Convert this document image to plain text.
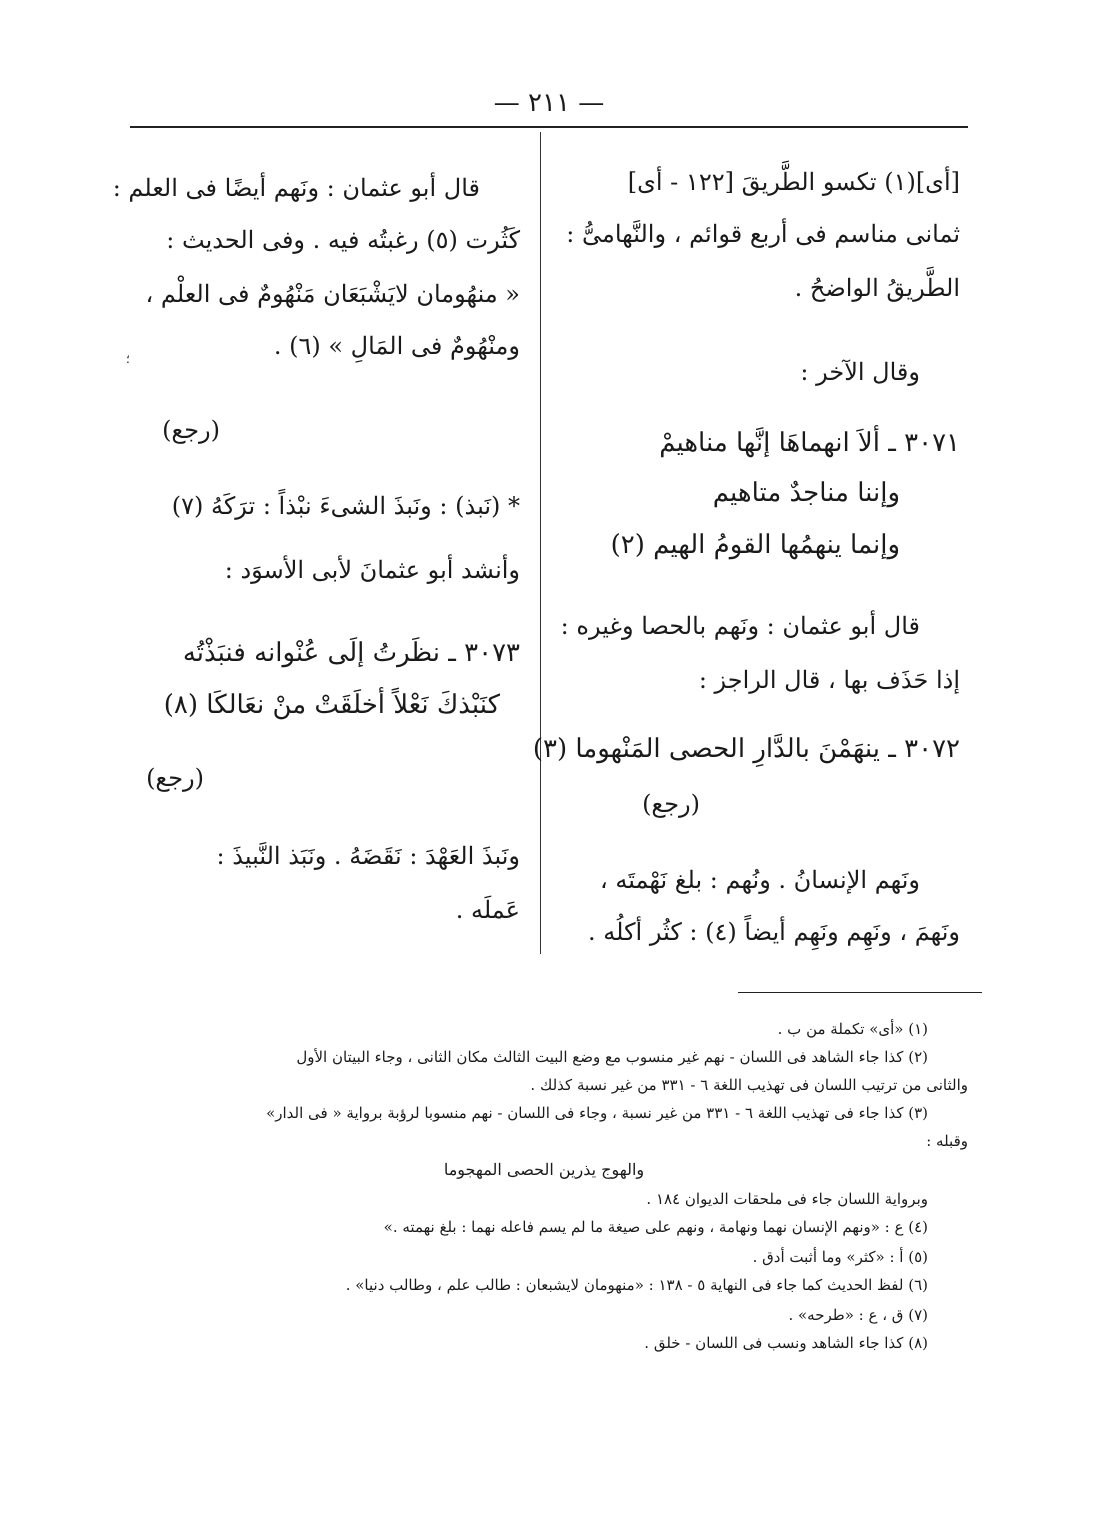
— ٢١١ —
؛
[أى](١) تكسو الطَّريقَ [١٢٢ - أى]
ثمانى مناسم فى أربع قوائم ، والنَّهامىُّ :
الطَّريقُ الواضحُ .
وقال الآخر :
٣٠٧١ ـ ألاَ انهماهَا إنَّها مناهيمْ
وإننا مناجدٌ متاهيم
وإنما ينهمُها القومُ الهيم (٢)
قال أبو عثمان : ونَهم بالحصا وغيره :
إذا حَذَف بها ، قال الراجز :
٣٠٧٢ ـ ينهَمْنَ بالدَّارِ الحصى المَنْهوما (٣)
(رجع)
ونَهم الإنسانُ . ونُهم : بلغ نَهْمتَه ،
ونَهمَ ، ونَهِم ونَهِم أيضاً (٤) : كثُر أكلُه .
قال أبو عثمان : ونَهم أيضًا فى العلم :
كَثُرت (٥) رغبتُه فيه . وفى الحديث :
« منهُومان لايَشْبَعَان مَنْهُومٌ فى العلْم ،
ومنْهُومٌ فى المَالِ » (٦) .
(رجع)
* (نَبذ) : ونَبذَ الشىءَ نبْذاً : ترَكَهُ (٧)
وأنشد أبو عثمانَ لأبى الأسوَد :
٣٠٧٣ ـ نظَرتُ إلَى عُنْوانه فنبَذْتُه
كنَبْذكَ نَعْلاً أخلَقَتْ منْ نعَالكَا (٨)
(رجع)
ونَبذَ العَهْدَ : نَقَضَهُ . ونَبَذ النَّبيذَ :
عَملَه .
(١) «أى» تكملة من ب .
(٢) كذا جاء الشاهد فى اللسان - نهم غير منسوب مع وضع البيت الثالث مكان الثانى ، وجاء البيتان الأول
والثانى من ترتيب اللسان فى تهذيب اللغة ٦ - ٣٣١ من غير نسبة كذلك .
(٣) كذا جاء فى تهذيب اللغة ٦ - ٣٣١ من غير نسبة ، وجاء فى اللسان - نهم منسوبا لرؤبة برواية « فى الدار»
وقبله :
والهوج يذرين الحصى المهجوما
وبرواية اللسان جاء فى ملحقات الديوان ١٨٤ .
(٤) ع : «ونهم الإنسان نهما ونهامة ، ونهم على صيغة ما لم يسم فاعله نهما : بلغ نهمته .»
(٥) أ : «كثر» وما أثبت أدق .
(٦) لفظ الحديث كما جاء فى النهاية ٥ - ١٣٨ : «منهومان لايشبعان : طالب علم ، وطالب دنيا» .
(٧) ق ، ع : «طرحه» .
(٨) كذا جاء الشاهد ونسب فى اللسان - خلق .
